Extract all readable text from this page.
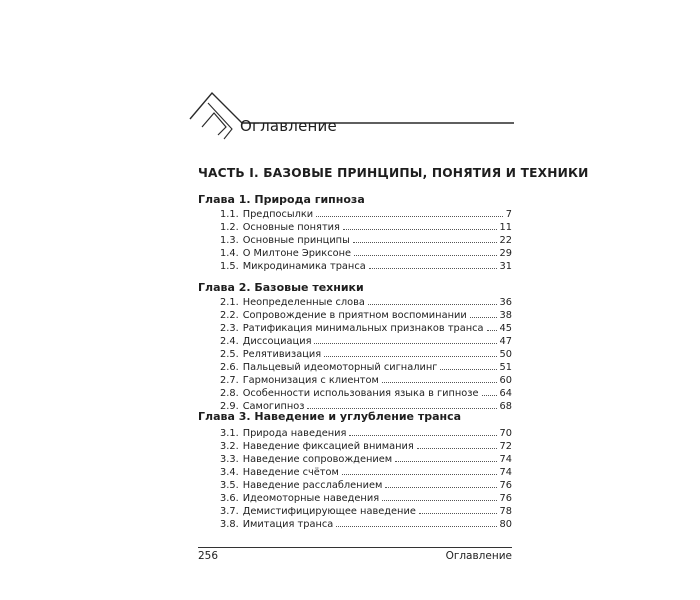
Оглавление
ЧАСТЬ I. БАЗОВЫЕ ПРИНЦИПЫ, ПОНЯТИЯ И ТЕХНИКИ
Глава 1. Природа гипноза
1.1. Предпосылки	7
1.2. Основные понятия	11
1.3. Основные принципы	22
1.4. О Милтоне Эриксоне	29
1.5. Микродинамика транса	31
Глава 2. Базовые техники
2.1. Неопределенные слова	36
2.2. Сопровождение в приятном воспоминании	38
2.3. Ратификация минимальных признаков транса 45
2.4. Диссоциация	47
2.5. Релятивизация	50
2.6. Пальцевый идеомоторный сигналинг	51
2.7. Гармонизация с клиентом	60
2.8. Особенности использования языка в гипнозе 64
2.9. Самогипноз	68
Глава 3. Наведение и углубление транса
3.1. Природа наведения	70
3.2. Наведение фиксацией внимания	72
3.3. Наведение сопровождением	74
3.4. Наведение счётом	74
3.5. Наведение расслаблением	76
3.6. Идеомоторные наведения	76
3.7. Демистифицирующее наведение	78
3.8. Имитация транса	80
256	Оглавление
